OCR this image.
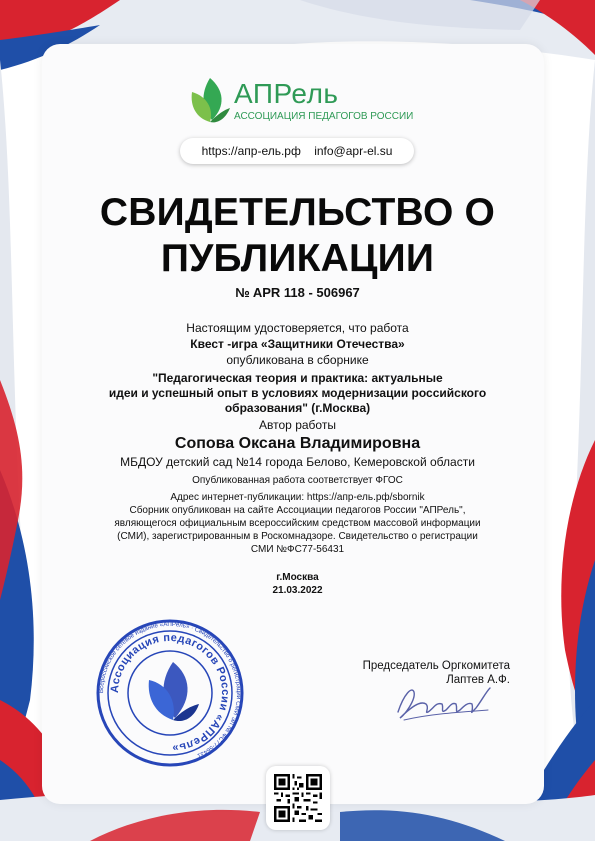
АПРель
АССОЦИАЦИЯ ПЕДАГОГОВ РОССИИ
https://апр-ель.рф info@apr-el.su
СВИДЕТЕЛЬСТВО О
ПУБЛИКАЦИИ
№ APR 118 - 506967
Настоящим удостоверяется, что работа
Квест -игра «Защитники Отечества»
опубликована в сборнике
"Педагогическая теория и практика: актуальные
идеи и успешный опыт в условиях модернизации российского
образования" (г.Москва)
Автор работы
Сопова Оксана Владимировна
МБДОУ детский сад №14 города Белово, Кемеровской области
Опубликованная работа соответствует ФГОС
Адрес интернет-публикации: https://апр-ель.рф/sbornik
Сборник опубликован на сайте Ассоциации педагогов России "АПРель",
являющегося официальным всероссийским средством массовой информации
(СМИ), зарегистрированным в Роскомнадзоре. Свидетельство о регистрации
СМИ №ФС77-56431
г.Москва
21.03.2022
Всероссийское сетевое издание «АПРель» · Свидетельство о регистрации СМИ ЭЛ № ФС77-56431
Ассоциация педагогов России «АПРель»
Председатель Оргкомитета
Лаптев А.Ф.
